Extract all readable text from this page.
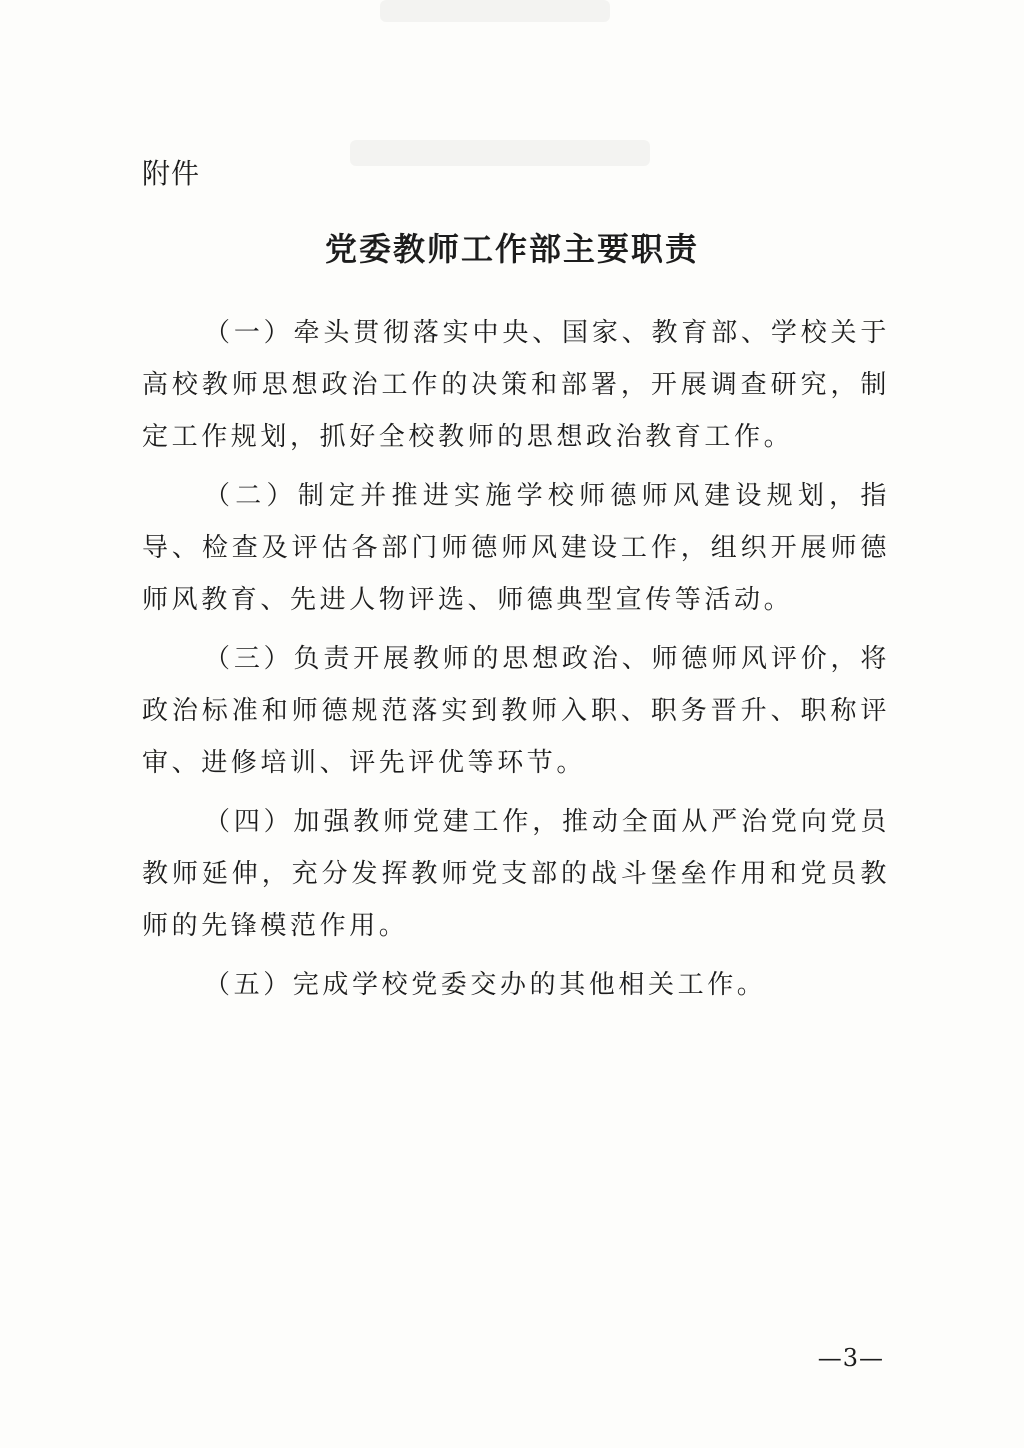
附件
党委教师工作部主要职责

（一）牵头贯彻落实中央、国家、教育部、学校关于高校教师思想政治工作的决策和部署，开展调查研究，制定工作规划，抓好全校教师的思想政治教育工作。

（二）制定并推进实施学校师德师风建设规划，指导、检查及评估各部门师德师风建设工作，组织开展师德师风教育、先进人物评选、师德典型宣传等活动。

（三）负责开展教师的思想政治、师德师风评价，将政治标准和师德规范落实到教师入职、职务晋升、职称评审、进修培训、评先评优等环节。

（四）加强教师党建工作，推动全面从严治党向党员教师延伸，充分发挥教师党支部的战斗堡垒作用和党员教师的先锋模范作用。

（五）完成学校党委交办的其他相关工作。

—3—
